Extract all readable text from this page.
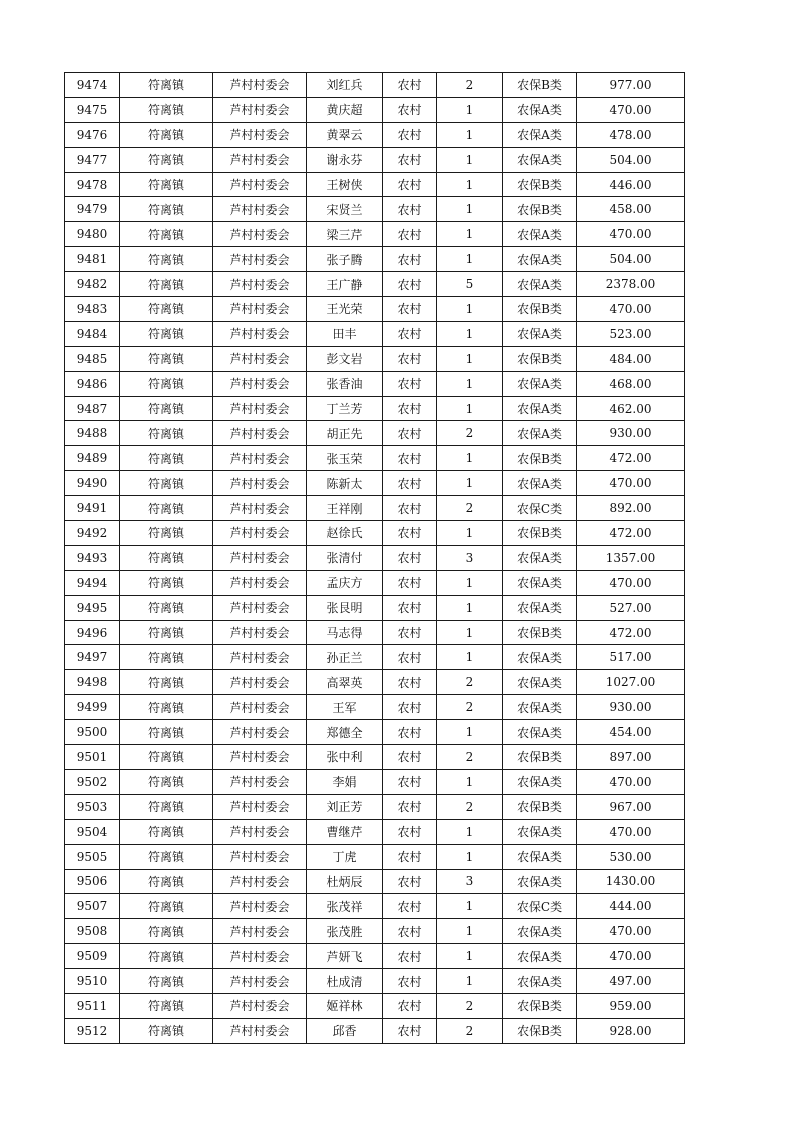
9474	符离镇	芦村村委会	刘红兵	农村	2	农保B类	977.00
9475	符离镇	芦村村委会	黄庆超	农村	1	农保A类	470.00
9476	符离镇	芦村村委会	黄翠云	农村	1	农保A类	478.00
9477	符离镇	芦村村委会	谢永芬	农村	1	农保A类	504.00
9478	符离镇	芦村村委会	王树侠	农村	1	农保B类	446.00
9479	符离镇	芦村村委会	宋贤兰	农村	1	农保B类	458.00
9480	符离镇	芦村村委会	梁三芹	农村	1	农保A类	470.00
9481	符离镇	芦村村委会	张子腾	农村	1	农保A类	504.00
9482	符离镇	芦村村委会	王广静	农村	5	农保A类	2378.00
9483	符离镇	芦村村委会	王光荣	农村	1	农保B类	470.00
9484	符离镇	芦村村委会	田丰	农村	1	农保A类	523.00
9485	符离镇	芦村村委会	彭文岩	农村	1	农保B类	484.00
9486	符离镇	芦村村委会	张香油	农村	1	农保A类	468.00
9487	符离镇	芦村村委会	丁兰芳	农村	1	农保A类	462.00
9488	符离镇	芦村村委会	胡正先	农村	2	农保A类	930.00
9489	符离镇	芦村村委会	张玉荣	农村	1	农保B类	472.00
9490	符离镇	芦村村委会	陈新太	农村	1	农保A类	470.00
9491	符离镇	芦村村委会	王祥刚	农村	2	农保C类	892.00
9492	符离镇	芦村村委会	赵徐氏	农村	1	农保B类	472.00
9493	符离镇	芦村村委会	张清付	农村	3	农保A类	1357.00
9494	符离镇	芦村村委会	孟庆方	农村	1	农保A类	470.00
9495	符离镇	芦村村委会	张艮明	农村	1	农保A类	527.00
9496	符离镇	芦村村委会	马志得	农村	1	农保B类	472.00
9497	符离镇	芦村村委会	孙正兰	农村	1	农保A类	517.00
9498	符离镇	芦村村委会	高翠英	农村	2	农保A类	1027.00
9499	符离镇	芦村村委会	王军	农村	2	农保A类	930.00
9500	符离镇	芦村村委会	郑德全	农村	1	农保A类	454.00
9501	符离镇	芦村村委会	张中利	农村	2	农保B类	897.00
9502	符离镇	芦村村委会	李娟	农村	1	农保A类	470.00
9503	符离镇	芦村村委会	刘正芳	农村	2	农保B类	967.00
9504	符离镇	芦村村委会	曹继芹	农村	1	农保A类	470.00
9505	符离镇	芦村村委会	丁虎	农村	1	农保A类	530.00
9506	符离镇	芦村村委会	杜炳辰	农村	3	农保A类	1430.00
9507	符离镇	芦村村委会	张茂祥	农村	1	农保C类	444.00
9508	符离镇	芦村村委会	张茂胜	农村	1	农保A类	470.00
9509	符离镇	芦村村委会	芦妍飞	农村	1	农保A类	470.00
9510	符离镇	芦村村委会	杜成清	农村	1	农保A类	497.00
9511	符离镇	芦村村委会	姬祥林	农村	2	农保B类	959.00
9512	符离镇	芦村村委会	邱香	农村	2	农保B类	928.00
